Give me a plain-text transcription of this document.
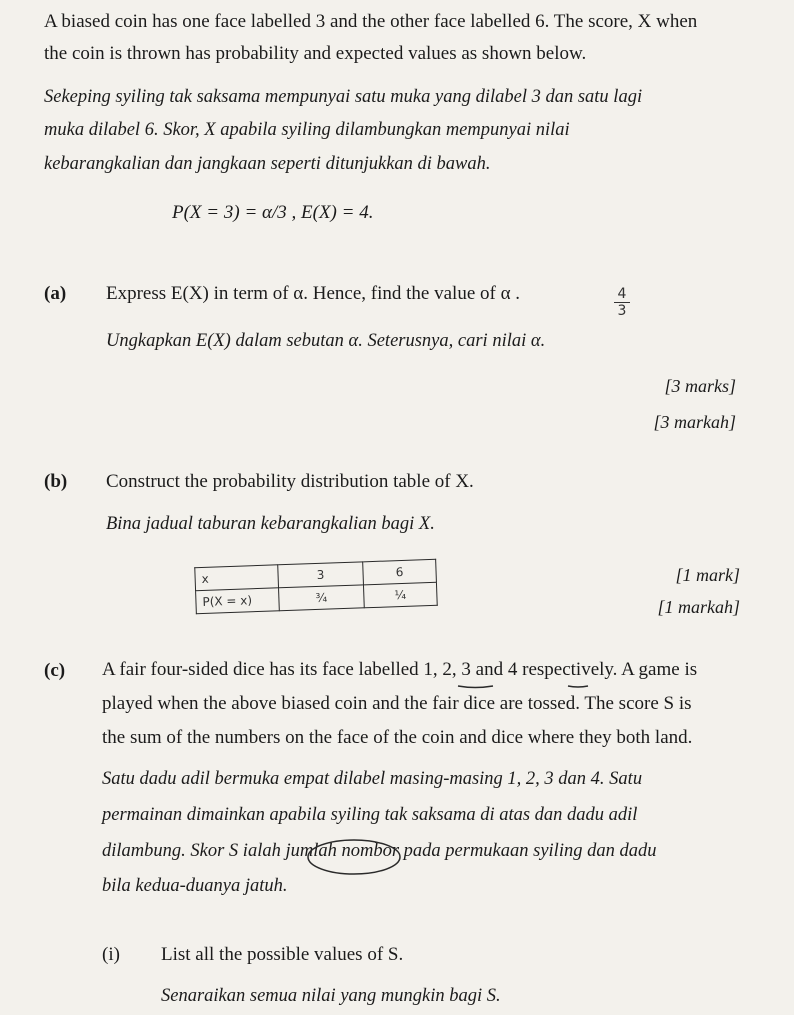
A biased coin has one face labelled 3 and the other face labelled 6. The score, X when
the coin is thrown has probability and expected values as shown below.
Sekeping syiling tak saksama mempunyai satu muka yang dilabel 3 dan satu lagi
muka dilabel 6. Skor, X apabila syiling dilambungkan mempunyai nilai
kebarangkalian dan jangkaan seperti ditunjukkan di bawah.
P(X = 3) = α/3 , E(X) = 4.
(a) Express E(X) in term of α. Hence, find the value of α .
Ungkapkan E(X) dalam sebutan α. Seterusnya, cari nilai α.
4
3
[3 marks]
[3 markah]
(b) Construct the probability distribution table of X.
Bina jadual taburan kebarangkalian bagi X.
x	3	6
P(X = x)	¾	¼
[1 mark]
[1 markah]
(c) A fair four-sided dice has its face labelled 1, 2, 3 and 4 respectively. A game is
played when the above biased coin and the fair dice are tossed. The score S is
the sum of the numbers on the face of the coin and dice where they both land.
Satu dadu adil bermuka empat dilabel masing-masing 1, 2, 3 dan 4. Satu
permainan dimainkan apabila syiling tak saksama di atas dan dadu adil
dilambung. Skor S ialah jumlah nombor pada permukaan syiling dan dadu
bila kedua-duanya jatuh.
(i) List all the possible values of S.
Senaraikan semua nilai yang mungkin bagi S.
